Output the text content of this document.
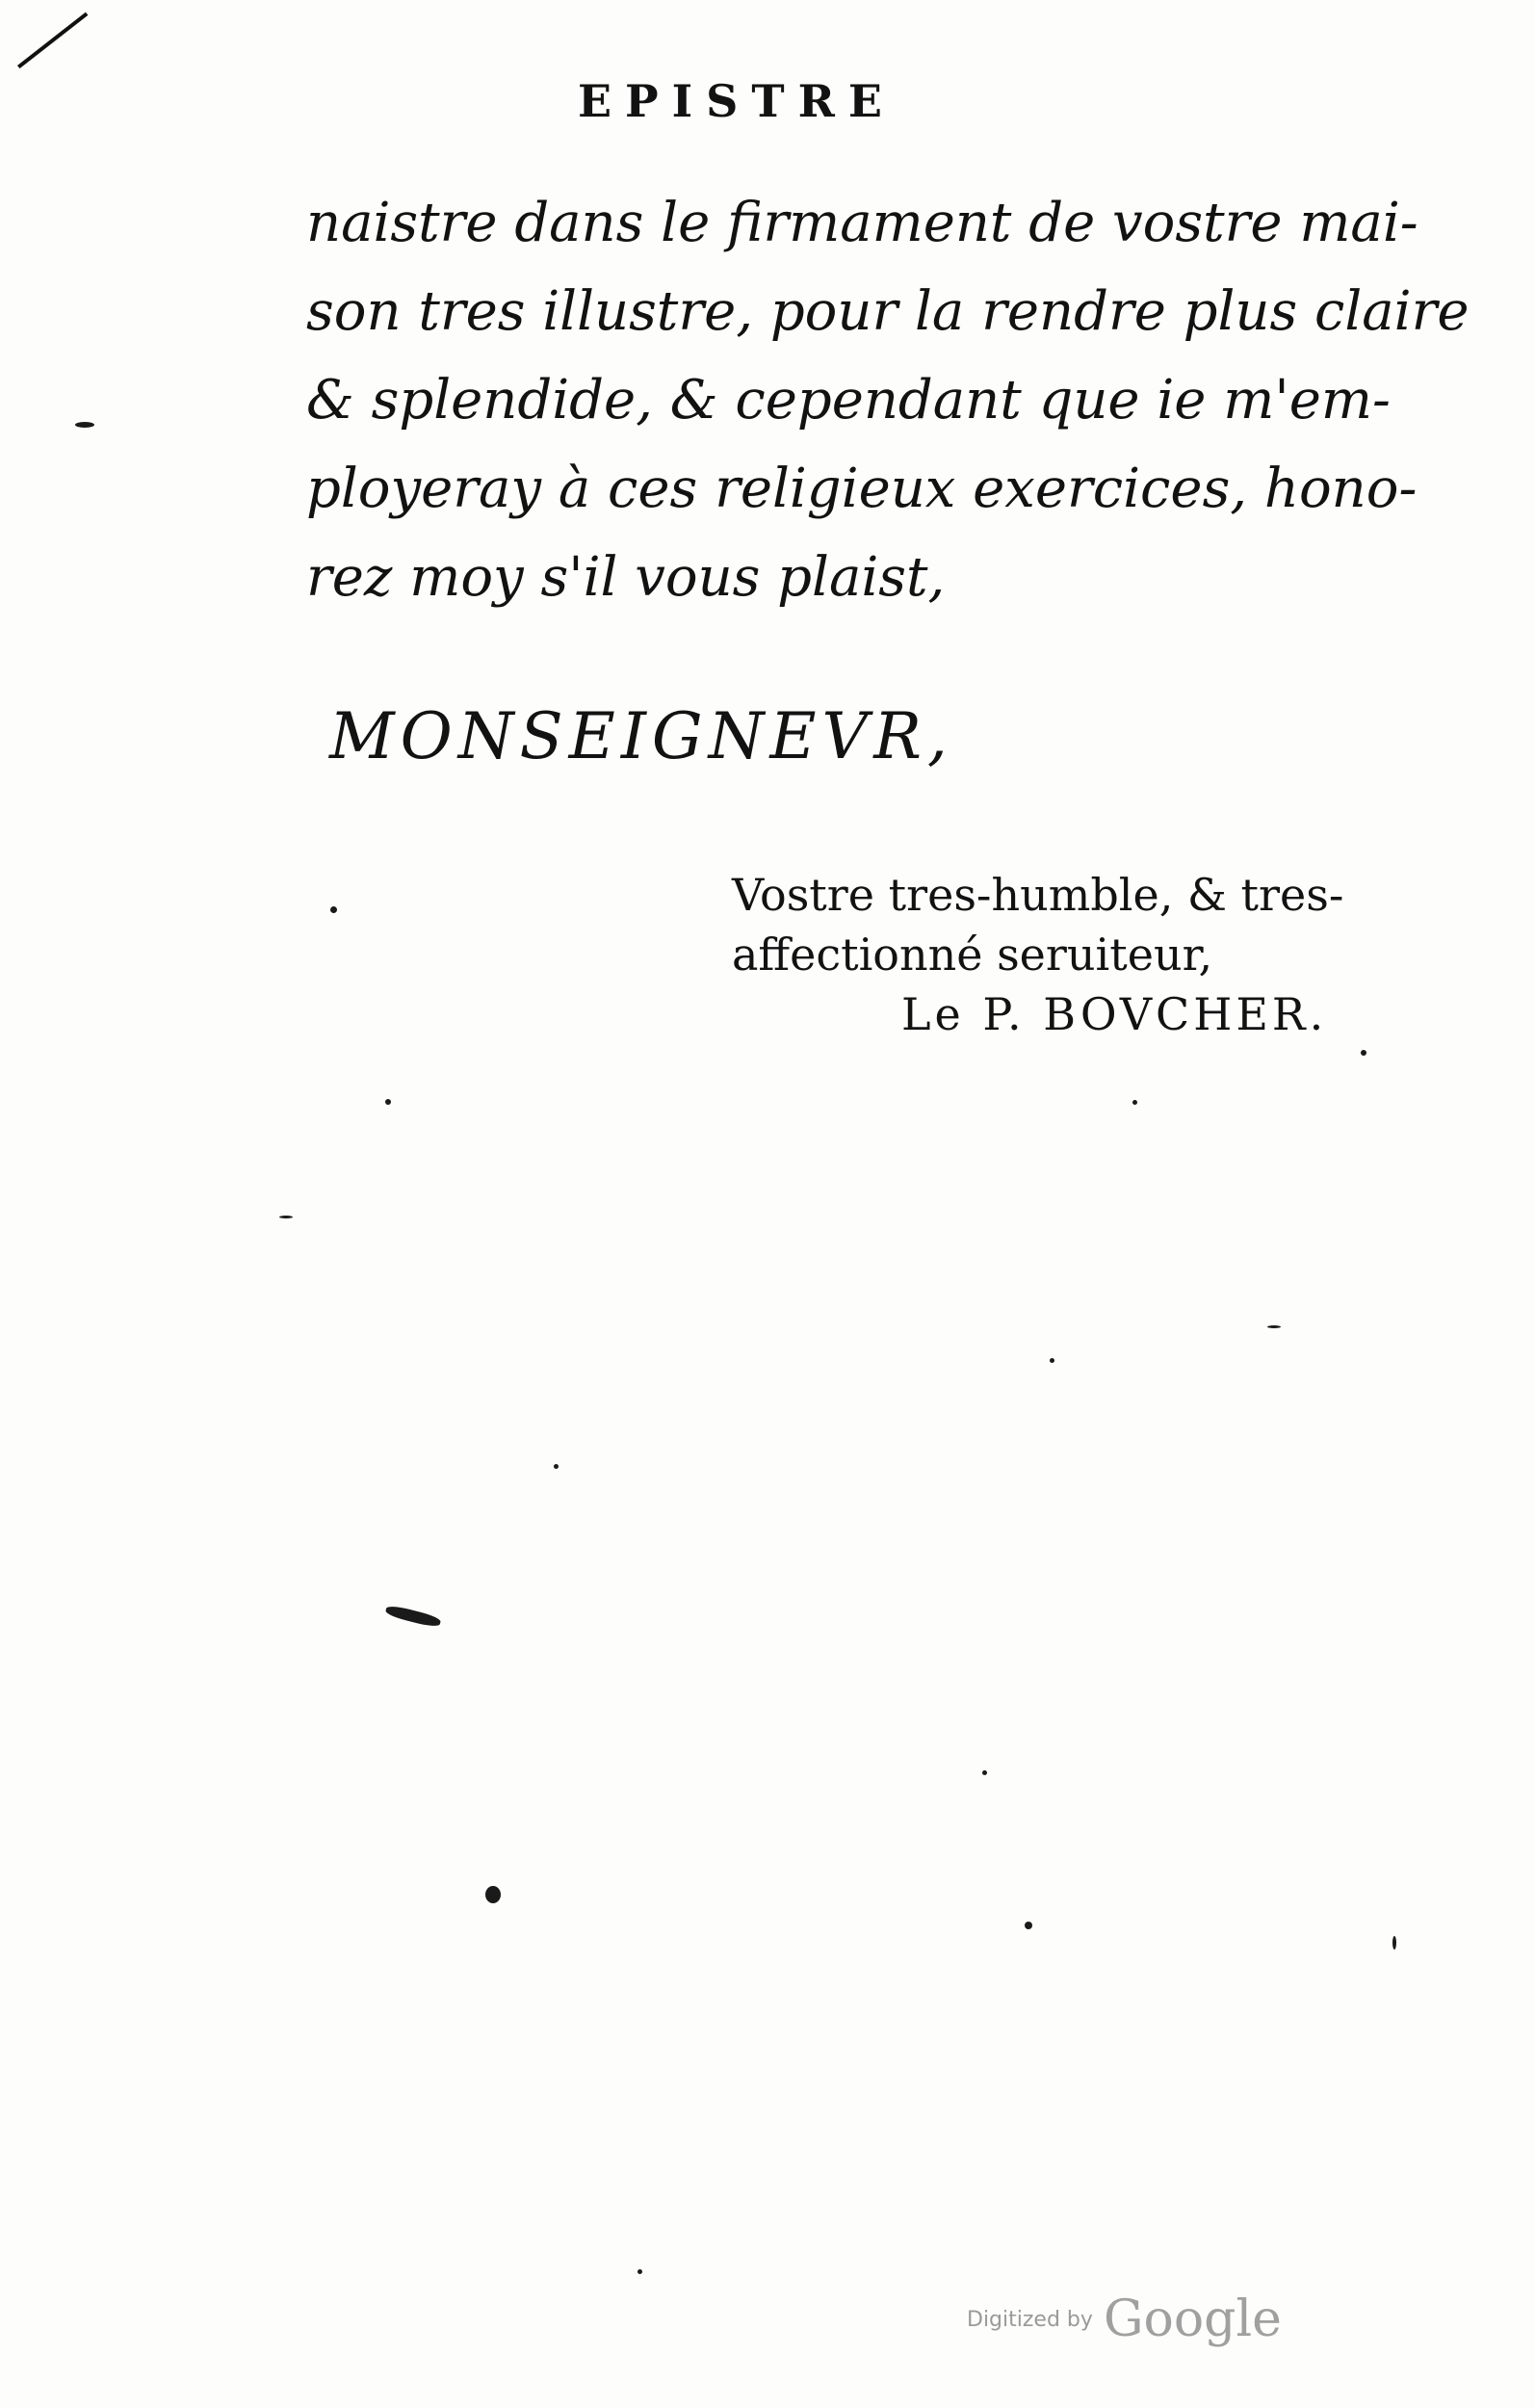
EPISTRE

naistre dans le firmament de vostre mai-
son tres illustre, pour la rendre plus claire
& splendide, & cependant que ie m'em-
ployeray à ces religieux exercices, hono-
rez moy s'il vous plaist,

MONSEIGNEVR,
Vostre tres-humble, & tres-
affectionné seruiteur,
Le P. BOVCHER.
Digitized by Google
